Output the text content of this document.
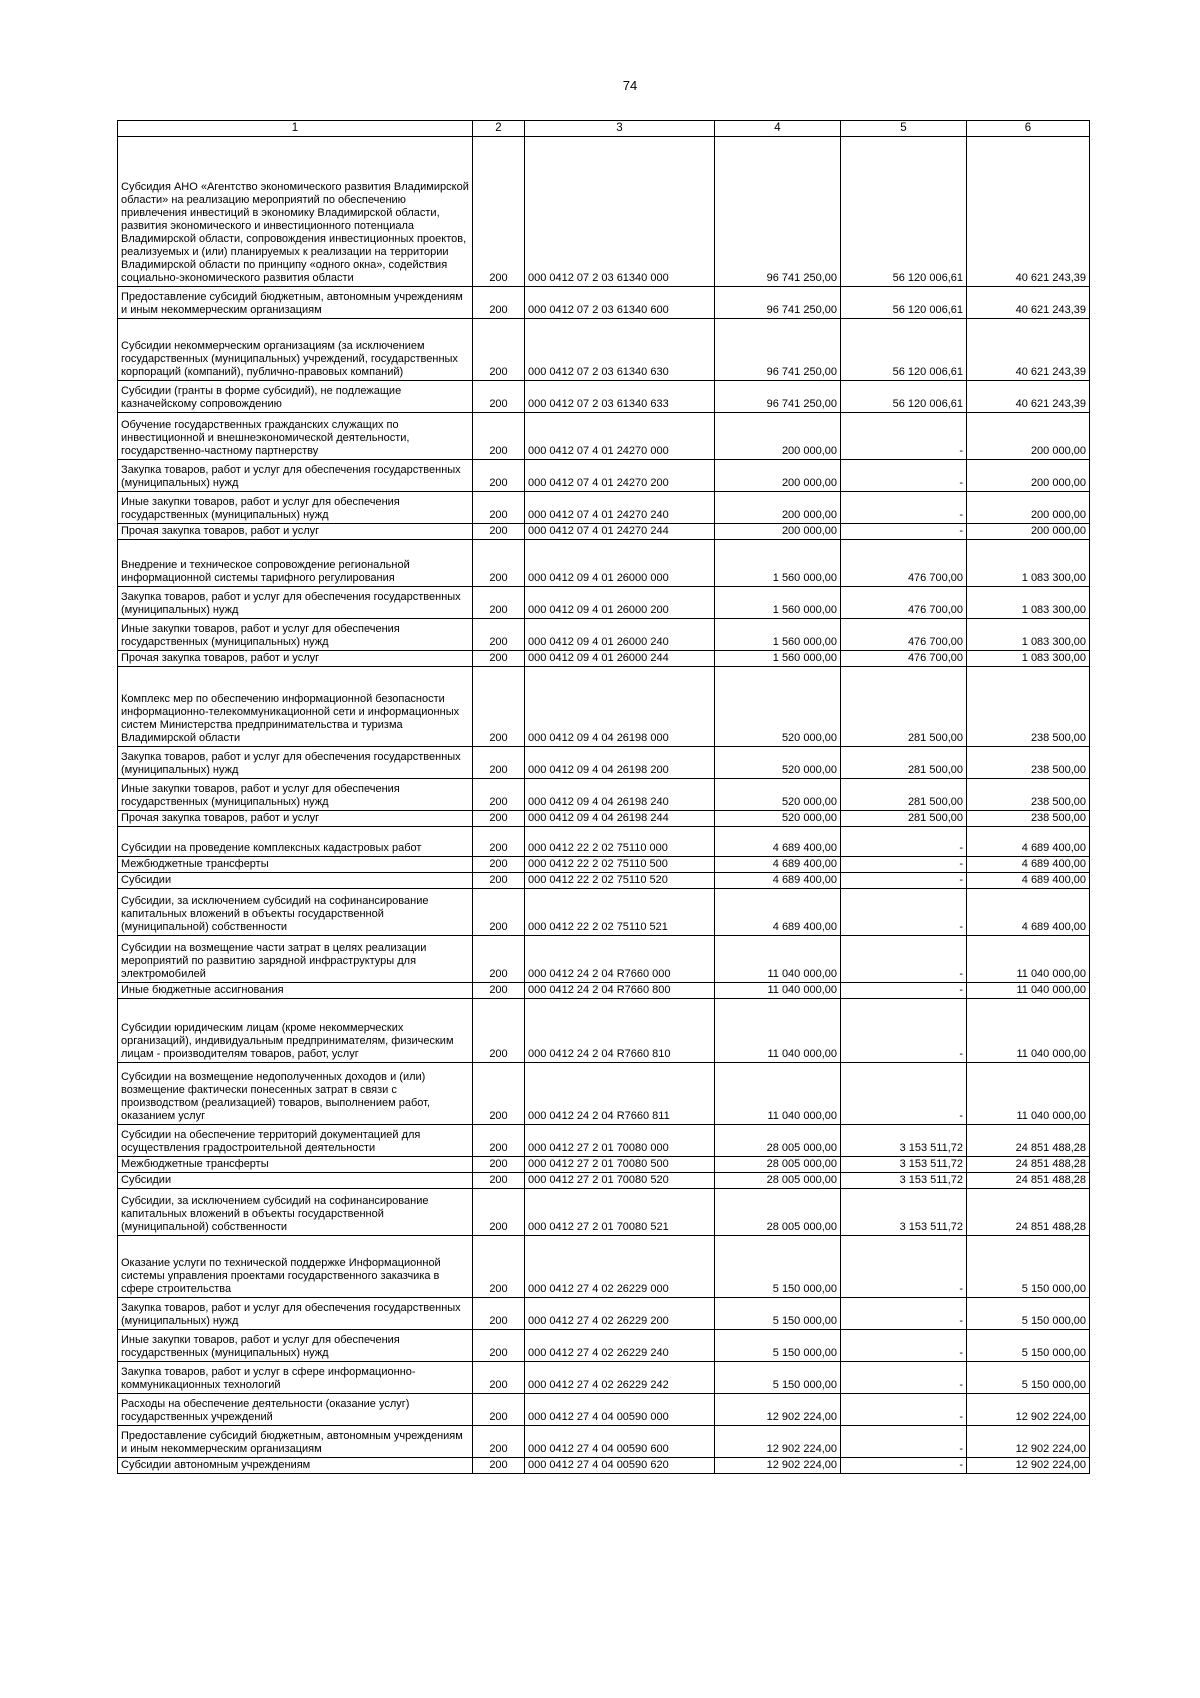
74
1	2	3	4	5	6
Субсидия АНО «Агентство экономического развития Владимирской области» на реализацию мероприятий по обеспечению привлечения инвестиций в экономику Владимирской области, развития экономического и инвестиционного потенциала Владимирской области, сопровождения инвестиционных проектов, реализуемых и (или) планируемых к реализации на территории Владимирской области по принципу «одного окна», содействия социально-экономического развития области	200	000 0412 07 2 03 61340 000	96 741 250,00	56 120 006,61	40 621 243,39
Предоставление субсидий бюджетным, автономным учреждениям и иным некоммерческим организациям	200	000 0412 07 2 03 61340 600	96 741 250,00	56 120 006,61	40 621 243,39
Субсидии некоммерческим организациям (за исключением государственных (муниципальных) учреждений, государственных корпораций (компаний), публично-правовых компаний)	200	000 0412 07 2 03 61340 630	96 741 250,00	56 120 006,61	40 621 243,39
Субсидии (гранты в форме субсидий), не подлежащие казначейскому сопровождению	200	000 0412 07 2 03 61340 633	96 741 250,00	56 120 006,61	40 621 243,39
Обучение государственных гражданских служащих по инвестиционной и внешнеэкономической деятельности, государственно-частному партнерству	200	000 0412 07 4 01 24270 000	200 000,00	-	200 000,00
Закупка товаров, работ и услуг для обеспечения государственных (муниципальных) нужд	200	000 0412 07 4 01 24270 200	200 000,00	-	200 000,00
Иные закупки товаров, работ и услуг для обеспечения государственных (муниципальных) нужд	200	000 0412 07 4 01 24270 240	200 000,00	-	200 000,00
Прочая закупка товаров, работ и услуг	200	000 0412 07 4 01 24270 244	200 000,00	-	200 000,00
Внедрение и техническое сопровождение региональной информационной системы тарифного регулирования	200	000 0412 09 4 01 26000 000	1 560 000,00	476 700,00	1 083 300,00
Закупка товаров, работ и услуг для обеспечения государственных (муниципальных) нужд	200	000 0412 09 4 01 26000 200	1 560 000,00	476 700,00	1 083 300,00
Иные закупки товаров, работ и услуг для обеспечения государственных (муниципальных) нужд	200	000 0412 09 4 01 26000 240	1 560 000,00	476 700,00	1 083 300,00
Прочая закупка товаров, работ и услуг	200	000 0412 09 4 01 26000 244	1 560 000,00	476 700,00	1 083 300,00
Комплекс мер по обеспечению информационной безопасности информационно-телекоммуникационной сети и информационных систем Министерства предпринимательства и туризма Владимирской области	200	000 0412 09 4 04 26198 000	520 000,00	281 500,00	238 500,00
Закупка товаров, работ и услуг для обеспечения государственных (муниципальных) нужд	200	000 0412 09 4 04 26198 200	520 000,00	281 500,00	238 500,00
Иные закупки товаров, работ и услуг для обеспечения государственных (муниципальных) нужд	200	000 0412 09 4 04 26198 240	520 000,00	281 500,00	238 500,00
Прочая закупка товаров, работ и услуг	200	000 0412 09 4 04 26198 244	520 000,00	281 500,00	238 500,00
Субсидии на проведение комплексных кадастровых работ	200	000 0412 22 2 02 75110 000	4 689 400,00	-	4 689 400,00
Межбюджетные трансферты	200	000 0412 22 2 02 75110 500	4 689 400,00	-	4 689 400,00
Субсидии	200	000 0412 22 2 02 75110 520	4 689 400,00	-	4 689 400,00
Субсидии, за исключением субсидий на софинансирование капитальных вложений в объекты государственной (муниципальной) собственности	200	000 0412 22 2 02 75110 521	4 689 400,00	-	4 689 400,00
Субсидии на возмещение части затрат в целях реализации мероприятий по развитию зарядной инфраструктуры для электромобилей	200	000 0412 24 2 04 R7660 000	11 040 000,00	-	11 040 000,00
Иные бюджетные ассигнования	200	000 0412 24 2 04 R7660 800	11 040 000,00	-	11 040 000,00
Субсидии юридическим лицам (кроме некоммерческих организаций), индивидуальным предпринимателям, физическим лицам - производителям товаров, работ, услуг	200	000 0412 24 2 04 R7660 810	11 040 000,00	-	11 040 000,00
Субсидии на возмещение недополученных доходов и (или) возмещение фактически понесенных затрат в связи с производством (реализацией) товаров, выполнением работ, оказанием услуг	200	000 0412 24 2 04 R7660 811	11 040 000,00	-	11 040 000,00
Субсидии на обеспечение территорий документацией для осуществления градостроительной деятельности	200	000 0412 27 2 01 70080 000	28 005 000,00	3 153 511,72	24 851 488,28
Межбюджетные трансферты	200	000 0412 27 2 01 70080 500	28 005 000,00	3 153 511,72	24 851 488,28
Субсидии	200	000 0412 27 2 01 70080 520	28 005 000,00	3 153 511,72	24 851 488,28
Субсидии, за исключением субсидий на софинансирование капитальных вложений в объекты государственной (муниципальной) собственности	200	000 0412 27 2 01 70080 521	28 005 000,00	3 153 511,72	24 851 488,28
Оказание услуги по технической поддержке Информационной системы управления проектами государственного заказчика в сфере строительства	200	000 0412 27 4 02 26229 000	5 150 000,00	-	5 150 000,00
Закупка товаров, работ и услуг для обеспечения государственных (муниципальных) нужд	200	000 0412 27 4 02 26229 200	5 150 000,00	-	5 150 000,00
Иные закупки товаров, работ и услуг для обеспечения государственных (муниципальных) нужд	200	000 0412 27 4 02 26229 240	5 150 000,00	-	5 150 000,00
Закупка товаров, работ и услуг в сфере информационно-коммуникационных технологий	200	000 0412 27 4 02 26229 242	5 150 000,00	-	5 150 000,00
Расходы на обеспечение деятельности (оказание услуг) государственных учреждений	200	000 0412 27 4 04 00590 000	12 902 224,00	-	12 902 224,00
Предоставление субсидий бюджетным, автономным учреждениям и иным некоммерческим организациям	200	000 0412 27 4 04 00590 600	12 902 224,00	-	12 902 224,00
Субсидии автономным учреждениям	200	000 0412 27 4 04 00590 620	12 902 224,00	-	12 902 224,00
